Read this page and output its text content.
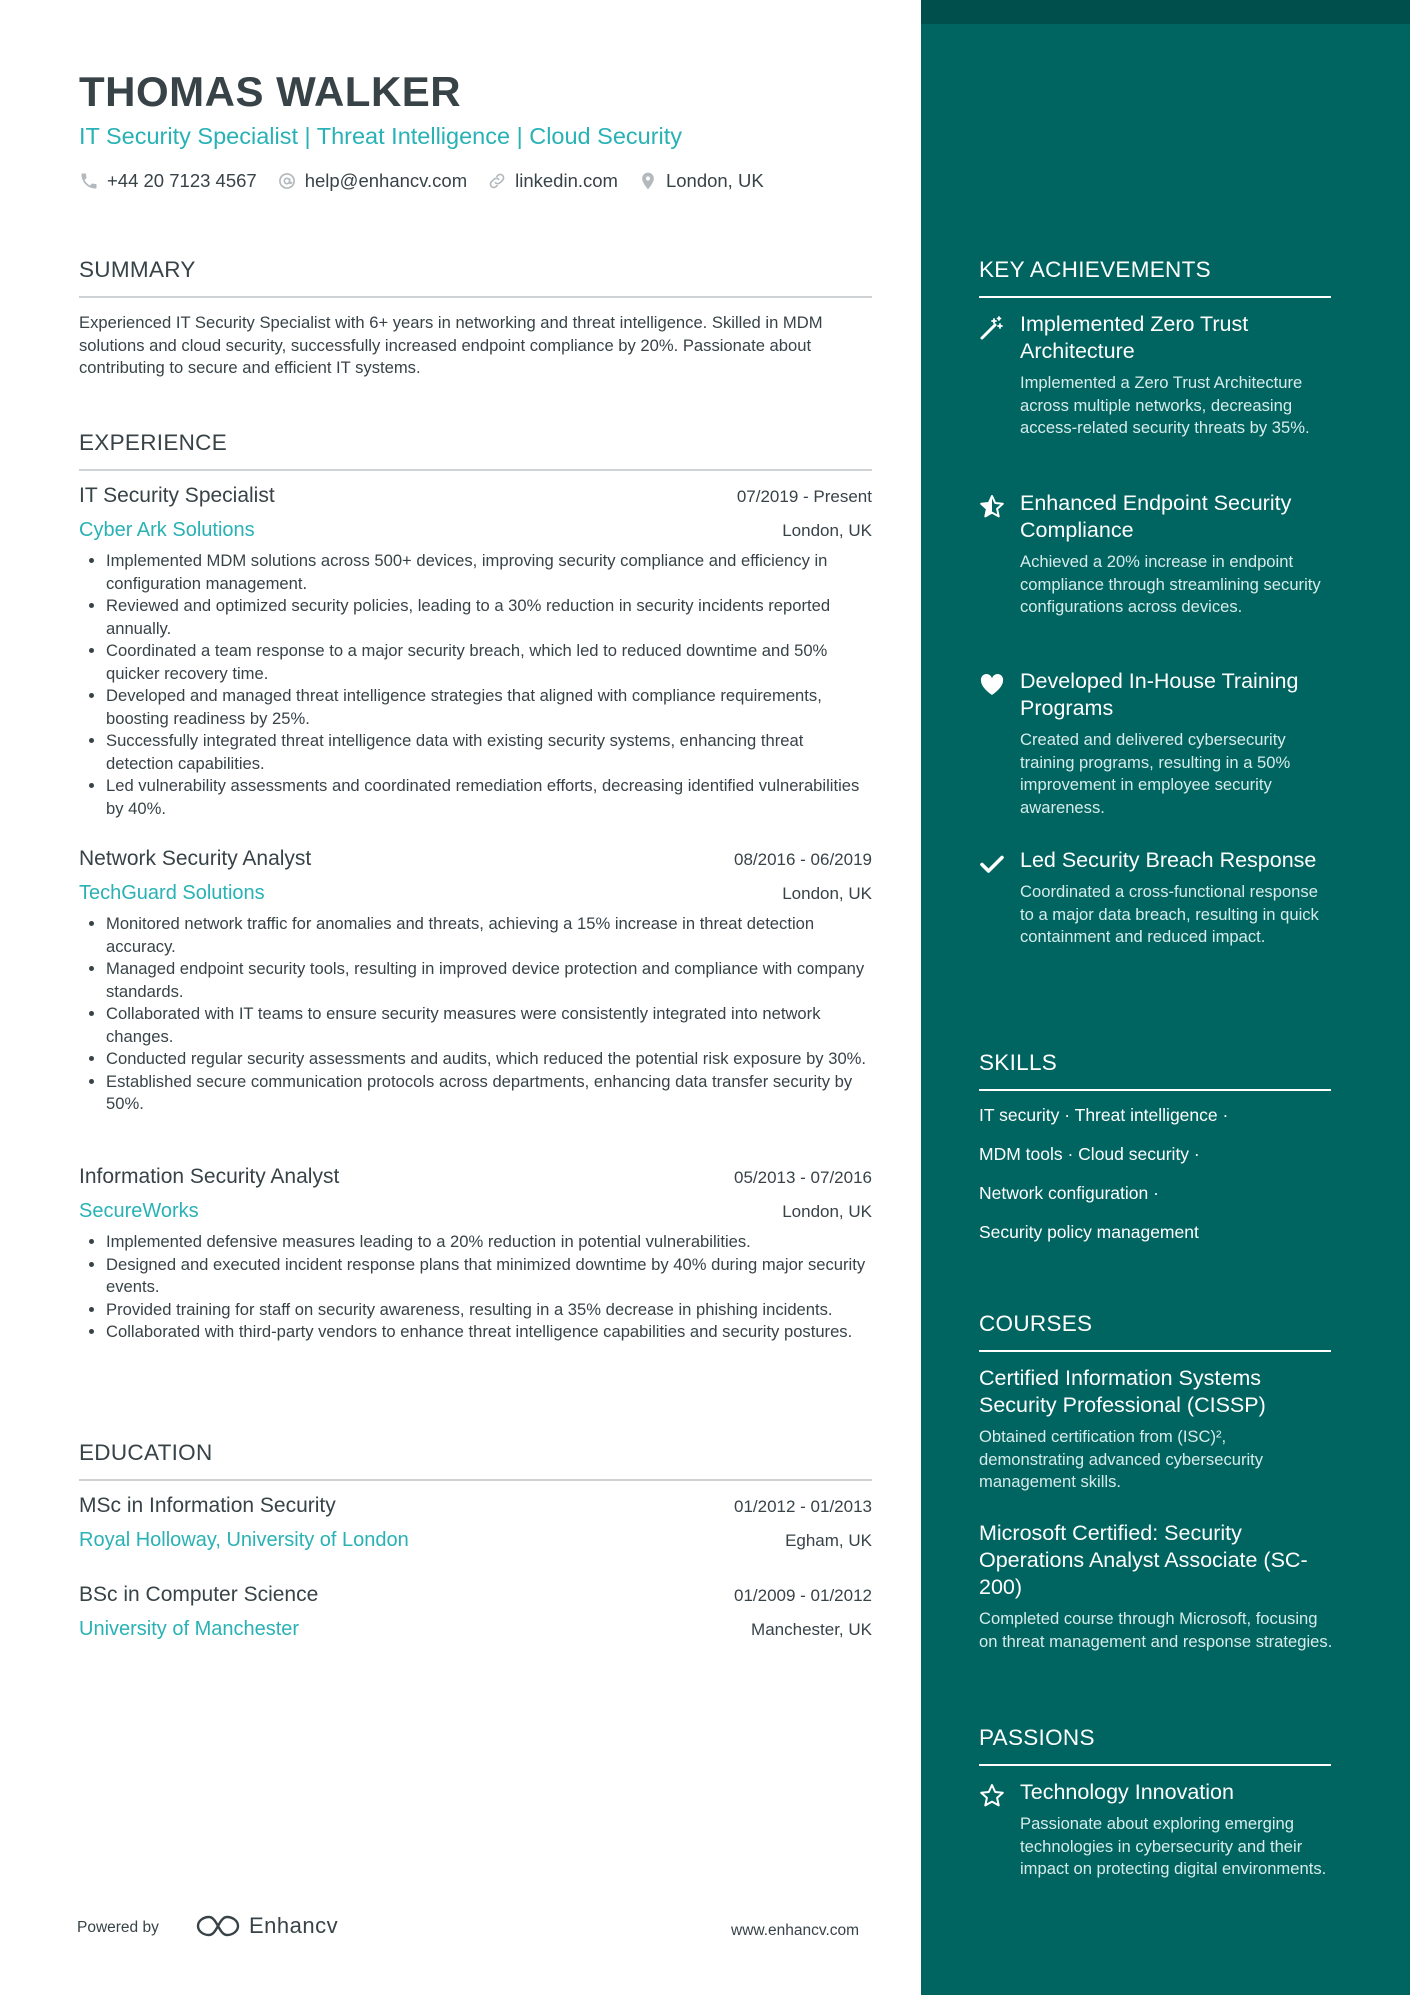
THOMAS WALKER
IT Security Specialist | Threat Intelligence | Cloud Security
+44 20 7123 4567	help@enhancv.com	linkedin.com	London, UK
SUMMARY
Experienced IT Security Specialist with 6+ years in networking and threat intelligence. Skilled in MDM solutions and cloud security, successfully increased endpoint compliance by 20%. Passionate about contributing to secure and efficient IT systems.
EXPERIENCE
IT Security Specialist	07/2019 - Present
Cyber Ark Solutions	London, UK
• Implemented MDM solutions across 500+ devices, improving security compliance and efficiency in configuration management.
• Reviewed and optimized security policies, leading to a 30% reduction in security incidents reported annually.
• Coordinated a team response to a major security breach, which led to reduced downtime and 50% quicker recovery time.
• Developed and managed threat intelligence strategies that aligned with compliance requirements, boosting readiness by 25%.
• Successfully integrated threat intelligence data with existing security systems, enhancing threat detection capabilities.
• Led vulnerability assessments and coordinated remediation efforts, decreasing identified vulnerabilities by 40%.
Network Security Analyst	08/2016 - 06/2019
TechGuard Solutions	London, UK
• Monitored network traffic for anomalies and threats, achieving a 15% increase in threat detection accuracy.
• Managed endpoint security tools, resulting in improved device protection and compliance with company standards.
• Collaborated with IT teams to ensure security measures were consistently integrated into network changes.
• Conducted regular security assessments and audits, which reduced the potential risk exposure by 30%.
• Established secure communication protocols across departments, enhancing data transfer security by 50%.
Information Security Analyst	05/2013 - 07/2016
SecureWorks	London, UK
• Implemented defensive measures leading to a 20% reduction in potential vulnerabilities.
• Designed and executed incident response plans that minimized downtime by 40% during major security events.
• Provided training for staff on security awareness, resulting in a 35% decrease in phishing incidents.
• Collaborated with third-party vendors to enhance threat intelligence capabilities and security postures.
EDUCATION
MSc in Information Security	01/2012 - 01/2013
Royal Holloway, University of London	Egham, UK
BSc in Computer Science	01/2009 - 01/2012
University of Manchester	Manchester, UK
Powered by	Enhancv	www.enhancv.com
KEY ACHIEVEMENTS
Implemented Zero Trust Architecture
Implemented a Zero Trust Architecture across multiple networks, decreasing access-related security threats by 35%.
Enhanced Endpoint Security Compliance
Achieved a 20% increase in endpoint compliance through streamlining security configurations across devices.
Developed In-House Training Programs
Created and delivered cybersecurity training programs, resulting in a 50% improvement in employee security awareness.
Led Security Breach Response
Coordinated a cross-functional response to a major data breach, resulting in quick containment and reduced impact.
SKILLS
IT security · Threat intelligence ·
MDM tools · Cloud security ·
Network configuration ·
Security policy management
COURSES
Certified Information Systems Security Professional (CISSP)
Obtained certification from (ISC)², demonstrating advanced cybersecurity management skills.
Microsoft Certified: Security Operations Analyst Associate (SC-200)
Completed course through Microsoft, focusing on threat management and response strategies.
PASSIONS
Technology Innovation
Passionate about exploring emerging technologies in cybersecurity and their impact on protecting digital environments.
